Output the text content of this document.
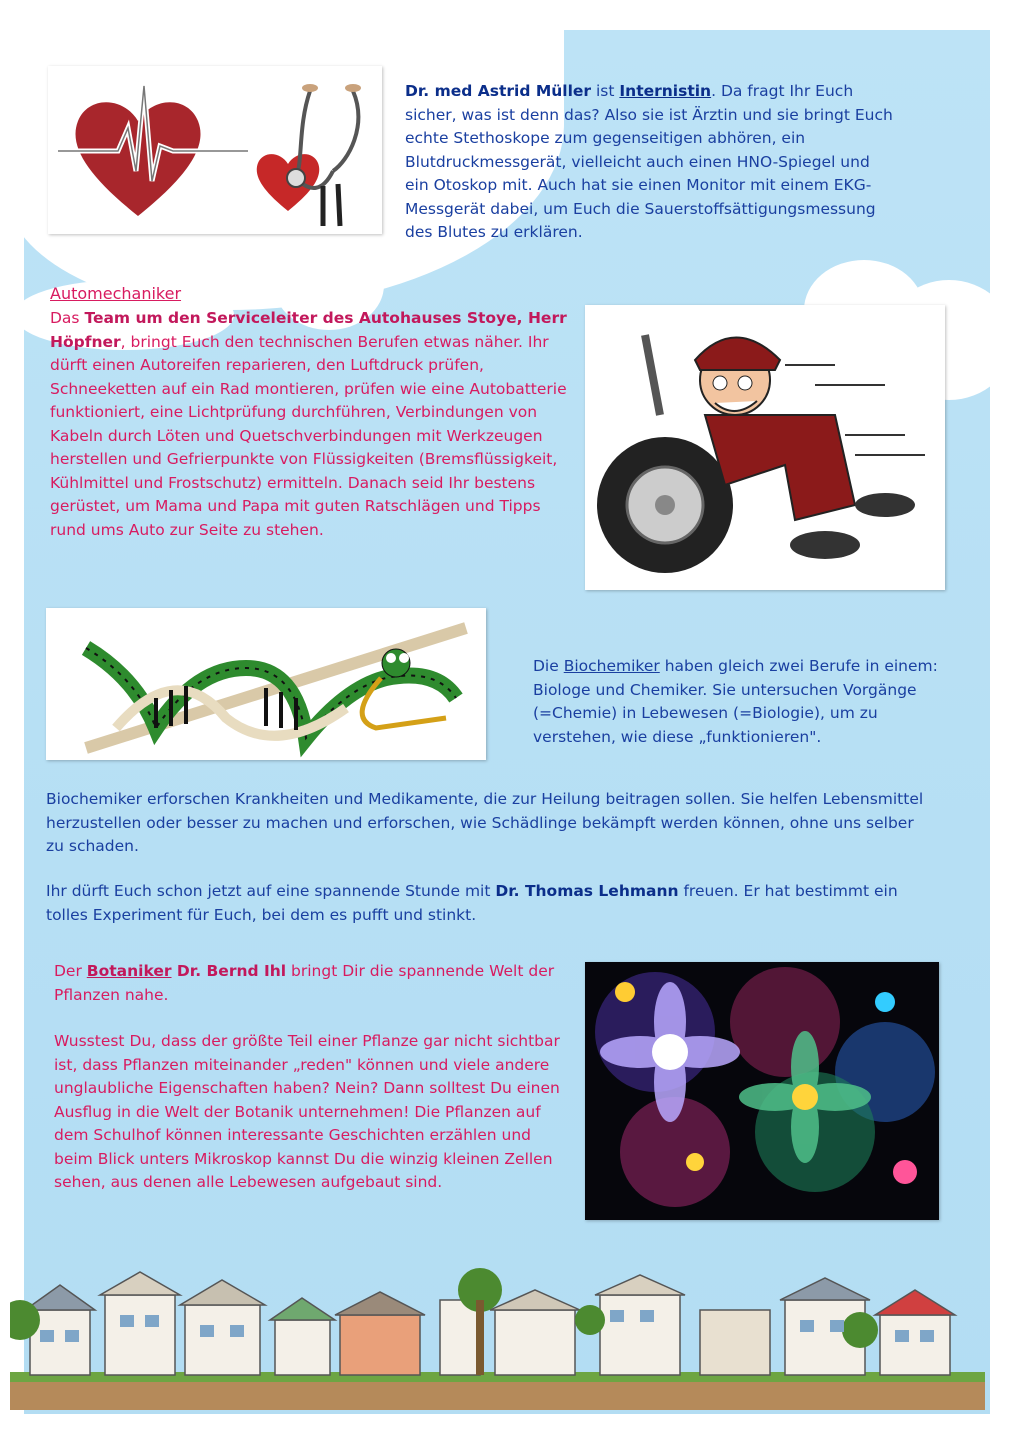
Dr. med Astrid Müller ist Internistin. Da fragt Ihr Euch sicher, was ist denn das? Also sie ist Ärztin und sie bringt Euch echte Stethoskope zum gegenseitigen abhören, ein Blutdruckmessgerät, vielleicht auch einen HNO-Spiegel und ein Otoskop mit. Auch hat sie einen Monitor mit einem EKG- Messgerät dabei, um Euch die Sauerstoffsättigungsmessung des Blutes zu erklären.
Automechaniker
Das Team um den Serviceleiter des Autohauses Stoye, Herr Höpfner, bringt Euch den technischen Berufen etwas näher. Ihr dürft einen Autoreifen reparieren, den Luftdruck prüfen, Schneeketten auf ein Rad montieren, prüfen wie eine Autobatterie funktioniert, eine Lichtprüfung durchführen, Verbindungen von Kabeln durch Löten und Quetschverbindungen mit Werkzeugen herstellen und Gefrierpunkte von Flüssigkeiten (Bremsflüssigkeit, Kühlmittel und Frostschutz) ermitteln. Danach seid Ihr bestens gerüstet, um Mama und Papa mit guten Ratschlägen und Tipps rund ums Auto zur Seite zu stehen.
Die Biochemiker haben gleich zwei Berufe in einem: Biologe und Chemiker. Sie untersuchen Vorgänge (=Chemie) in Lebewesen (=Biologie), um zu verstehen, wie diese „funktionieren".
Biochemiker erforschen Krankheiten und Medikamente, die zur Heilung beitragen sollen. Sie helfen Lebensmittel herzustellen oder besser zu machen und erforschen, wie Schädlinge bekämpft werden können, ohne uns selber zu schaden.
Ihr dürft Euch schon jetzt auf eine spannende Stunde mit Dr. Thomas Lehmann freuen. Er hat bestimmt ein tolles Experiment für Euch, bei dem es pufft und stinkt.
Der Botaniker Dr. Bernd Ihl bringt Dir die spannende Welt der Pflanzen nahe.
Wusstest Du, dass der größte Teil einer Pflanze gar nicht sichtbar ist, dass Pflanzen miteinander „reden" können und viele andere unglaubliche Eigenschaften haben? Nein? Dann solltest Du einen Ausflug in die Welt der Botanik unternehmen! Die Pflanzen auf dem Schulhof können interessante Geschichten erzählen und beim Blick unters Mikroskop kannst Du die winzig kleinen Zellen sehen, aus denen alle Lebewesen aufgebaut sind.
